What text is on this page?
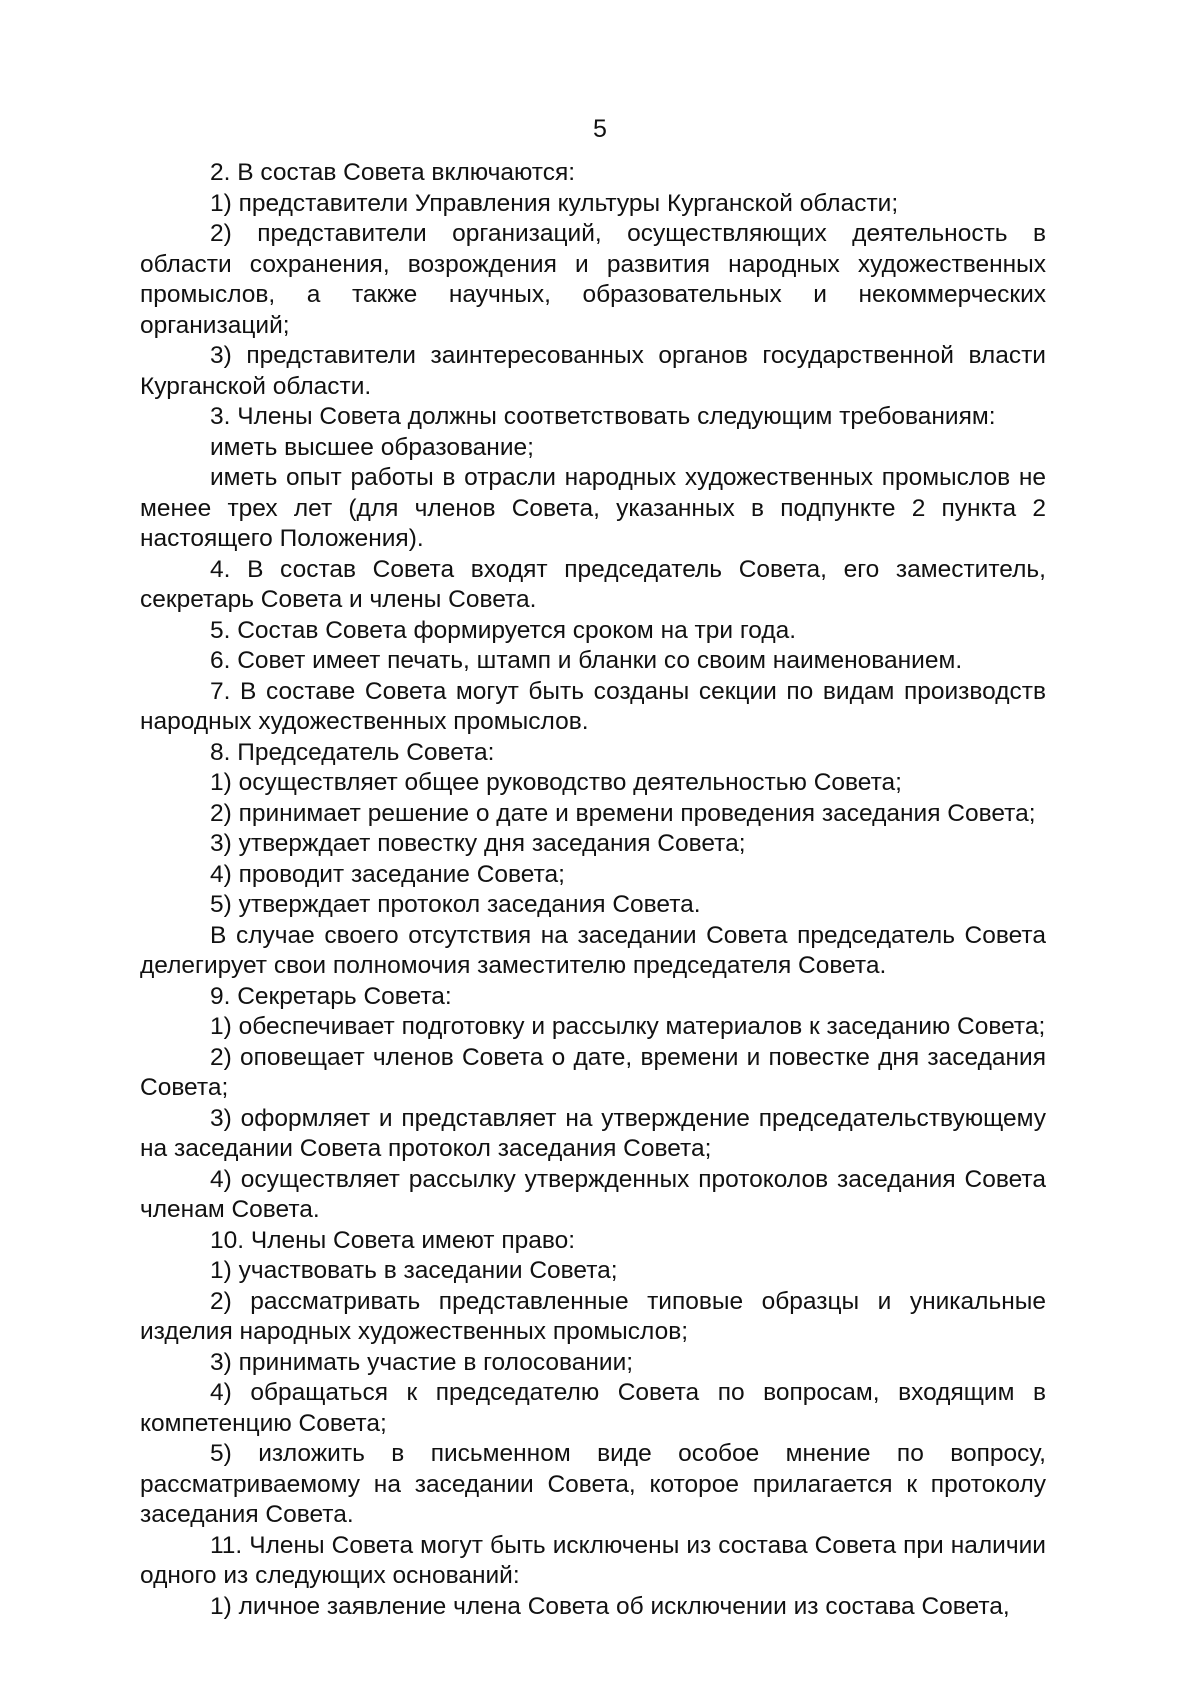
5

2. В состав Совета включаются:

1) представители Управления культуры Курганской области;

2) представители организаций, осуществляющих деятельность в области сохранения, возрождения и развития народных художественных промыслов, а также научных, образовательных и некоммерческих организаций;

3) представители заинтересованных органов государственной власти Курганской области.

3. Члены Совета должны соответствовать следующим требованиям:

иметь высшее образование;

иметь опыт работы в отрасли народных художественных промыслов не менее трех лет (для членов Совета, указанных в подпункте 2 пункта 2 настоящего Положения).

4. В состав Совета входят председатель Совета, его заместитель, секретарь Совета и члены Совета.

5. Состав Совета формируется сроком на три года.

6. Совет имеет печать, штамп и бланки со своим наименованием.

7. В составе Совета могут быть созданы секции по видам производств народных художественных промыслов.

8. Председатель Совета:

1) осуществляет общее руководство деятельностью Совета;

2) принимает решение о дате и времени проведения заседания Совета;

3) утверждает повестку дня заседания Совета;

4) проводит заседание Совета;

5) утверждает протокол заседания Совета.

В случае своего отсутствия на заседании Совета председатель Совета делегирует свои полномочия заместителю председателя Совета.

9. Секретарь Совета:

1) обеспечивает подготовку и рассылку материалов к заседанию Совета;

2) оповещает членов Совета о дате, времени и повестке дня заседания Совета;

3) оформляет и представляет на утверждение председательствующему на заседании Совета протокол заседания Совета;

4) осуществляет рассылку утвержденных протоколов заседания Совета членам Совета.

10. Члены Совета имеют право:

1) участвовать в заседании Совета;

2) рассматривать представленные типовые образцы и уникальные изделия народных художественных промыслов;

3) принимать участие в голосовании;

4) обращаться к председателю Совета по вопросам, входящим в компетенцию Совета;

5) изложить в письменном виде особое мнение по вопросу, рассматриваемому на заседании Совета, которое прилагается к протоколу заседания Совета.

11. Члены Совета могут быть исключены из состава Совета при наличии одного из следующих оснований:

1) личное заявление члена Совета об исключении из состава Совета,
